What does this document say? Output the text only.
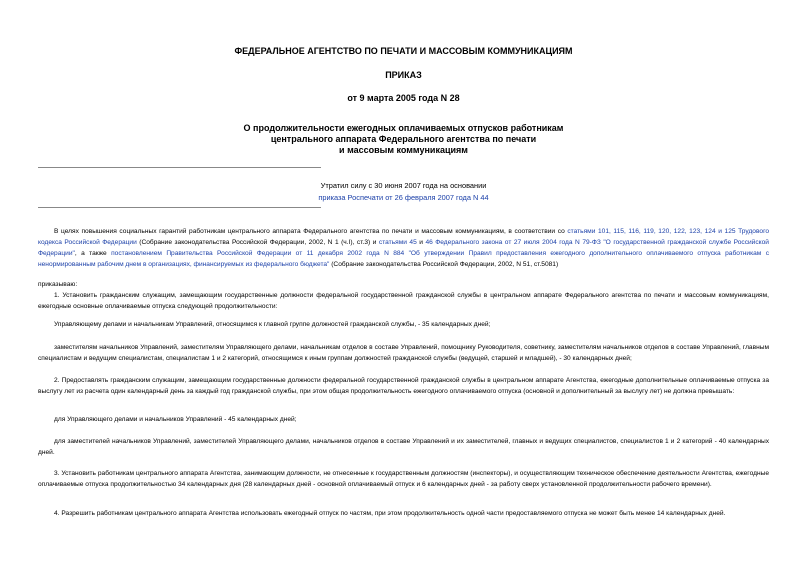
ФЕДЕРАЛЬНОЕ АГЕНТСТВО ПО ПЕЧАТИ И МАССОВЫМ КОММУНИКАЦИЯМ
ПРИКАЗ
от 9 марта 2005 года N 28
О продолжительности ежегодных оплачиваемых отпусков работникам
центрального аппарата Федерального агентства по печати
и массовым коммуникациям
Утратил силу с 30 июня 2007 года на основании
приказа Роспечати от 26 февраля 2007 года N 44
В целях повышения социальных гарантий работникам центрального аппарата Федерального агентства по печати и массовым коммуникациям, в соответствии со статьями 101, 115, 116, 119, 120, 122, 123, 124 и 125 Трудового кодекса Российской Федерации (Собрание законодательства Российской Федерации, 2002, N 1 (ч.I), ст.3) и статьями 45 и 46 Федерального закона от 27 июля 2004 года N 79-ФЗ "О государственной гражданской службе Российской Федерации", а также постановлением Правительства Российской Федерации от 11 декабря 2002 года N 884 "Об утверждении Правил предоставления ежегодного дополнительного оплачиваемого отпуска работникам с ненормированным рабочим днем в организациях, финансируемых из федерального бюджета" (Собрание законодательства Российской Федерации, 2002, N 51, ст.5081)
приказываю:
1. Установить гражданским служащим, замещающим государственные должности федеральной государственной гражданской службы в центральном аппарате Федерального агентства по печати и массовым коммуникациям, ежегодные основные оплачиваемые отпуска следующей продолжительности:
Управляющему делами и начальникам Управлений, относящимся к главной группе должностей гражданской службы, - 35 календарных дней;
заместителям начальников Управлений, заместителям Управляющего делами, начальникам отделов в составе Управлений, помощнику Руководителя, советнику, заместителям начальников отделов в составе Управлений, главным специалистам и ведущим специалистам, специалистам 1 и 2 категорий, относящимся к иным группам должностей гражданской службы (ведущей, старшей и младшей), - 30 календарных дней;
2. Предоставлять гражданским служащим, замещающим государственные должности федеральной государственной гражданской службы в центральном аппарате Агентства, ежегодные дополнительные оплачиваемые отпуска за выслугу лет из расчета один календарный день за каждый год гражданской службы, при этом общая продолжительность ежегодного оплачиваемого отпуска (основной и дополнительный за выслугу лет) не должна превышать:
для Управляющего делами и начальников Управлений - 45 календарных дней;
для заместителей начальников Управлений, заместителей Управляющего делами, начальников отделов в составе Управлений и их заместителей, главных и ведущих специалистов, специалистов 1 и 2 категорий - 40 календарных дней.
3. Установить работникам центрального аппарата Агентства, занимающим должности, не отнесенные к государственным должностям (инспекторы), и осуществляющим техническое обеспечение деятельности Агентства, ежегодные оплачиваемые отпуска продолжительностью 34 календарных дня (28 календарных дней - основной оплачиваемый отпуск и 6 календарных дней - за работу сверх установленной продолжительности рабочего времени).
4. Разрешить работникам центрального аппарата Агентства использовать ежегодный отпуск по частям, при этом продолжительность одной части предоставляемого отпуска не может быть менее 14 календарных дней.
